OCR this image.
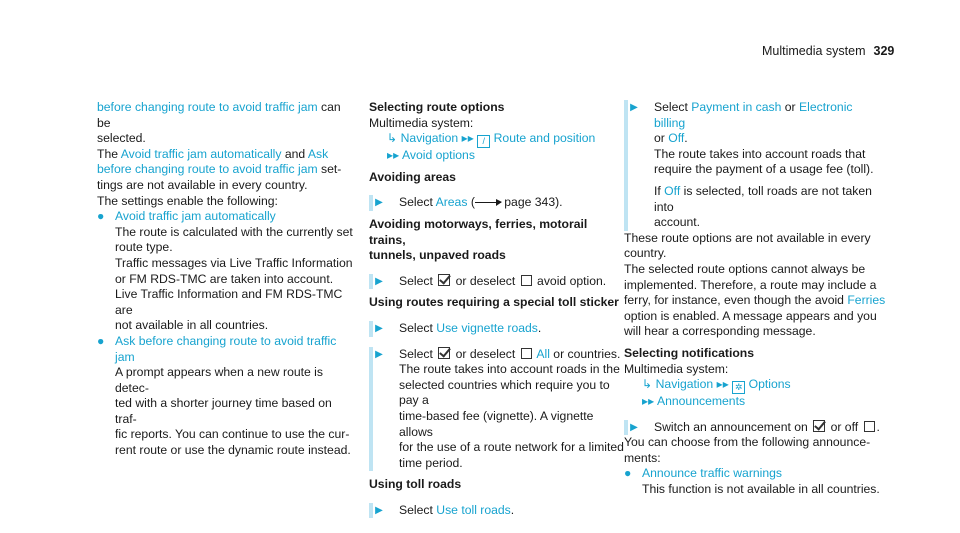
Multimedia system 329

before changing route to avoid traffic jam can be

selected.

The Avoid traffic jam automatically and Ask

before changing route to avoid traffic jam set-

tings are not available in every country.

The settings enable the following:

● Avoid traffic jam automatically

The route is calculated with the currently set

route type.

Traffic messages via Live Traffic Information

or FM RDS-TMC are taken into account.

Live Traffic Information and FM RDS-TMC are

not available in all countries.

● Ask before changing route to avoid traffic

jam

A prompt appears when a new route is detec-

ted with a shorter journey time based on traf-

fic reports. You can continue to use the cur-

rent route or use the dynamic route instead.

Selecting route options

Multimedia system:

↳ Navigation ▸▸ / Route and position

▸▸ Avoid options

Avoiding areas

▶	Select Areas ( page 343).

Avoiding motorways, ferries, motorail trains,

tunnels, unpaved roads

▶	Select  or deselect  avoid option.

Using routes requiring a special toll sticker

▶	Select Use vignette roads.

▶	Select  or deselect  All or countries.

The route takes into account roads in the

selected countries which require you to pay a

time-based fee (vignette). A vignette allows

for the use of a route network for a limited

time period.

Using toll roads

▶	Select Use toll roads.

▶	Select Payment in cash or Electronic billing

or Off.

The route takes into account roads that

require the payment of a usage fee (toll).

If Off is selected, toll roads are not taken into

account.

These route options are not available in every

country.

The selected route options cannot always be

implemented. Therefore, a route may include a

ferry, for instance, even though the avoid Ferries

option is enabled. A message appears and you

will hear a corresponding message.

Selecting notifications

Multimedia system:

↳ Navigation ▸▸ ✲ Options

▸▸ Announcements

▶	Switch an announcement on  or off .

You can choose from the following announce-

ments:

● Announce traffic warnings

This function is not available in all countries.
